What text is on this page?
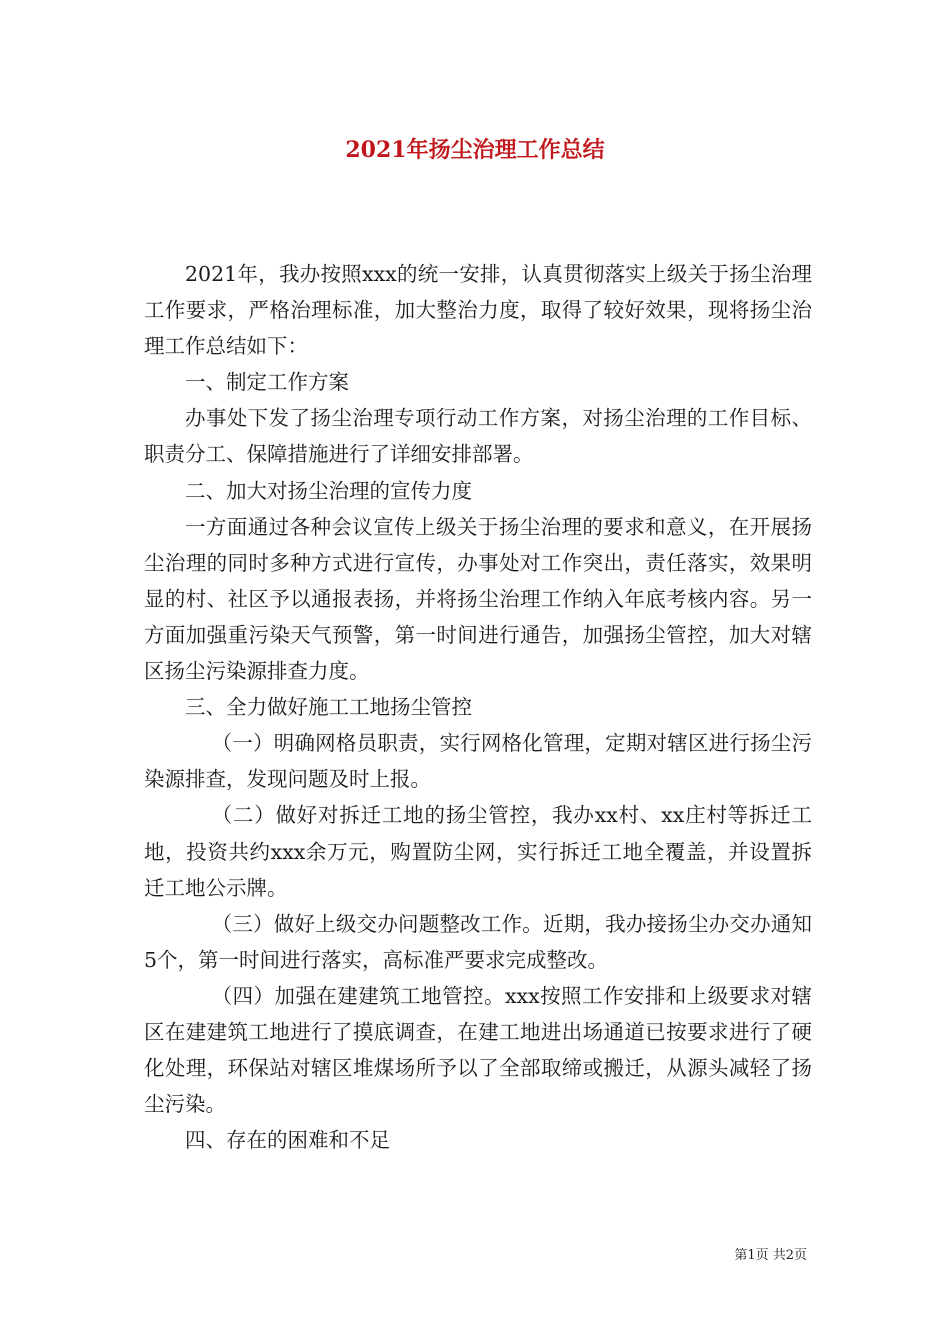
2021年扬尘治理工作总结

2021年，我办按照xxx的统一安排，认真贯彻落实上级关于扬尘治理工作要求，严格治理标准，加大整治力度，取得了较好效果，现将扬尘治理工作总结如下：

一、制定工作方案

办事处下发了扬尘治理专项行动工作方案，对扬尘治理的工作目标、职责分工、保障措施进行了详细安排部署。

二、加大对扬尘治理的宣传力度

一方面通过各种会议宣传上级关于扬尘治理的要求和意义，在开展扬尘治理的同时多种方式进行宣传，办事处对工作突出，责任落实，效果明显的村、社区予以通报表扬，并将扬尘治理工作纳入年底考核内容。另一方面加强重污染天气预警，第一时间进行通告，加强扬尘管控，加大对辖区扬尘污染源排查力度。

三、全力做好施工工地扬尘管控

（一）明确网格员职责，实行网格化管理，定期对辖区进行扬尘污染源排查，发现问题及时上报。

（二）做好对拆迁工地的扬尘管控，我办xx村、xx庄村等拆迁工地，投资共约xxx余万元，购置防尘网，实行拆迁工地全覆盖，并设置拆迁工地公示牌。

（三）做好上级交办问题整改工作。近期，我办接扬尘办交办通知5个，第一时间进行落实，高标准严要求完成整改。

（四）加强在建建筑工地管控。xxx按照工作安排和上级要求对辖区在建建筑工地进行了摸底调查，在建工地进出场通道已按要求进行了硬化处理，环保站对辖区堆煤场所予以了全部取缔或搬迁，从源头减轻了扬尘污染。

四、存在的困难和不足

第1页 共2页
